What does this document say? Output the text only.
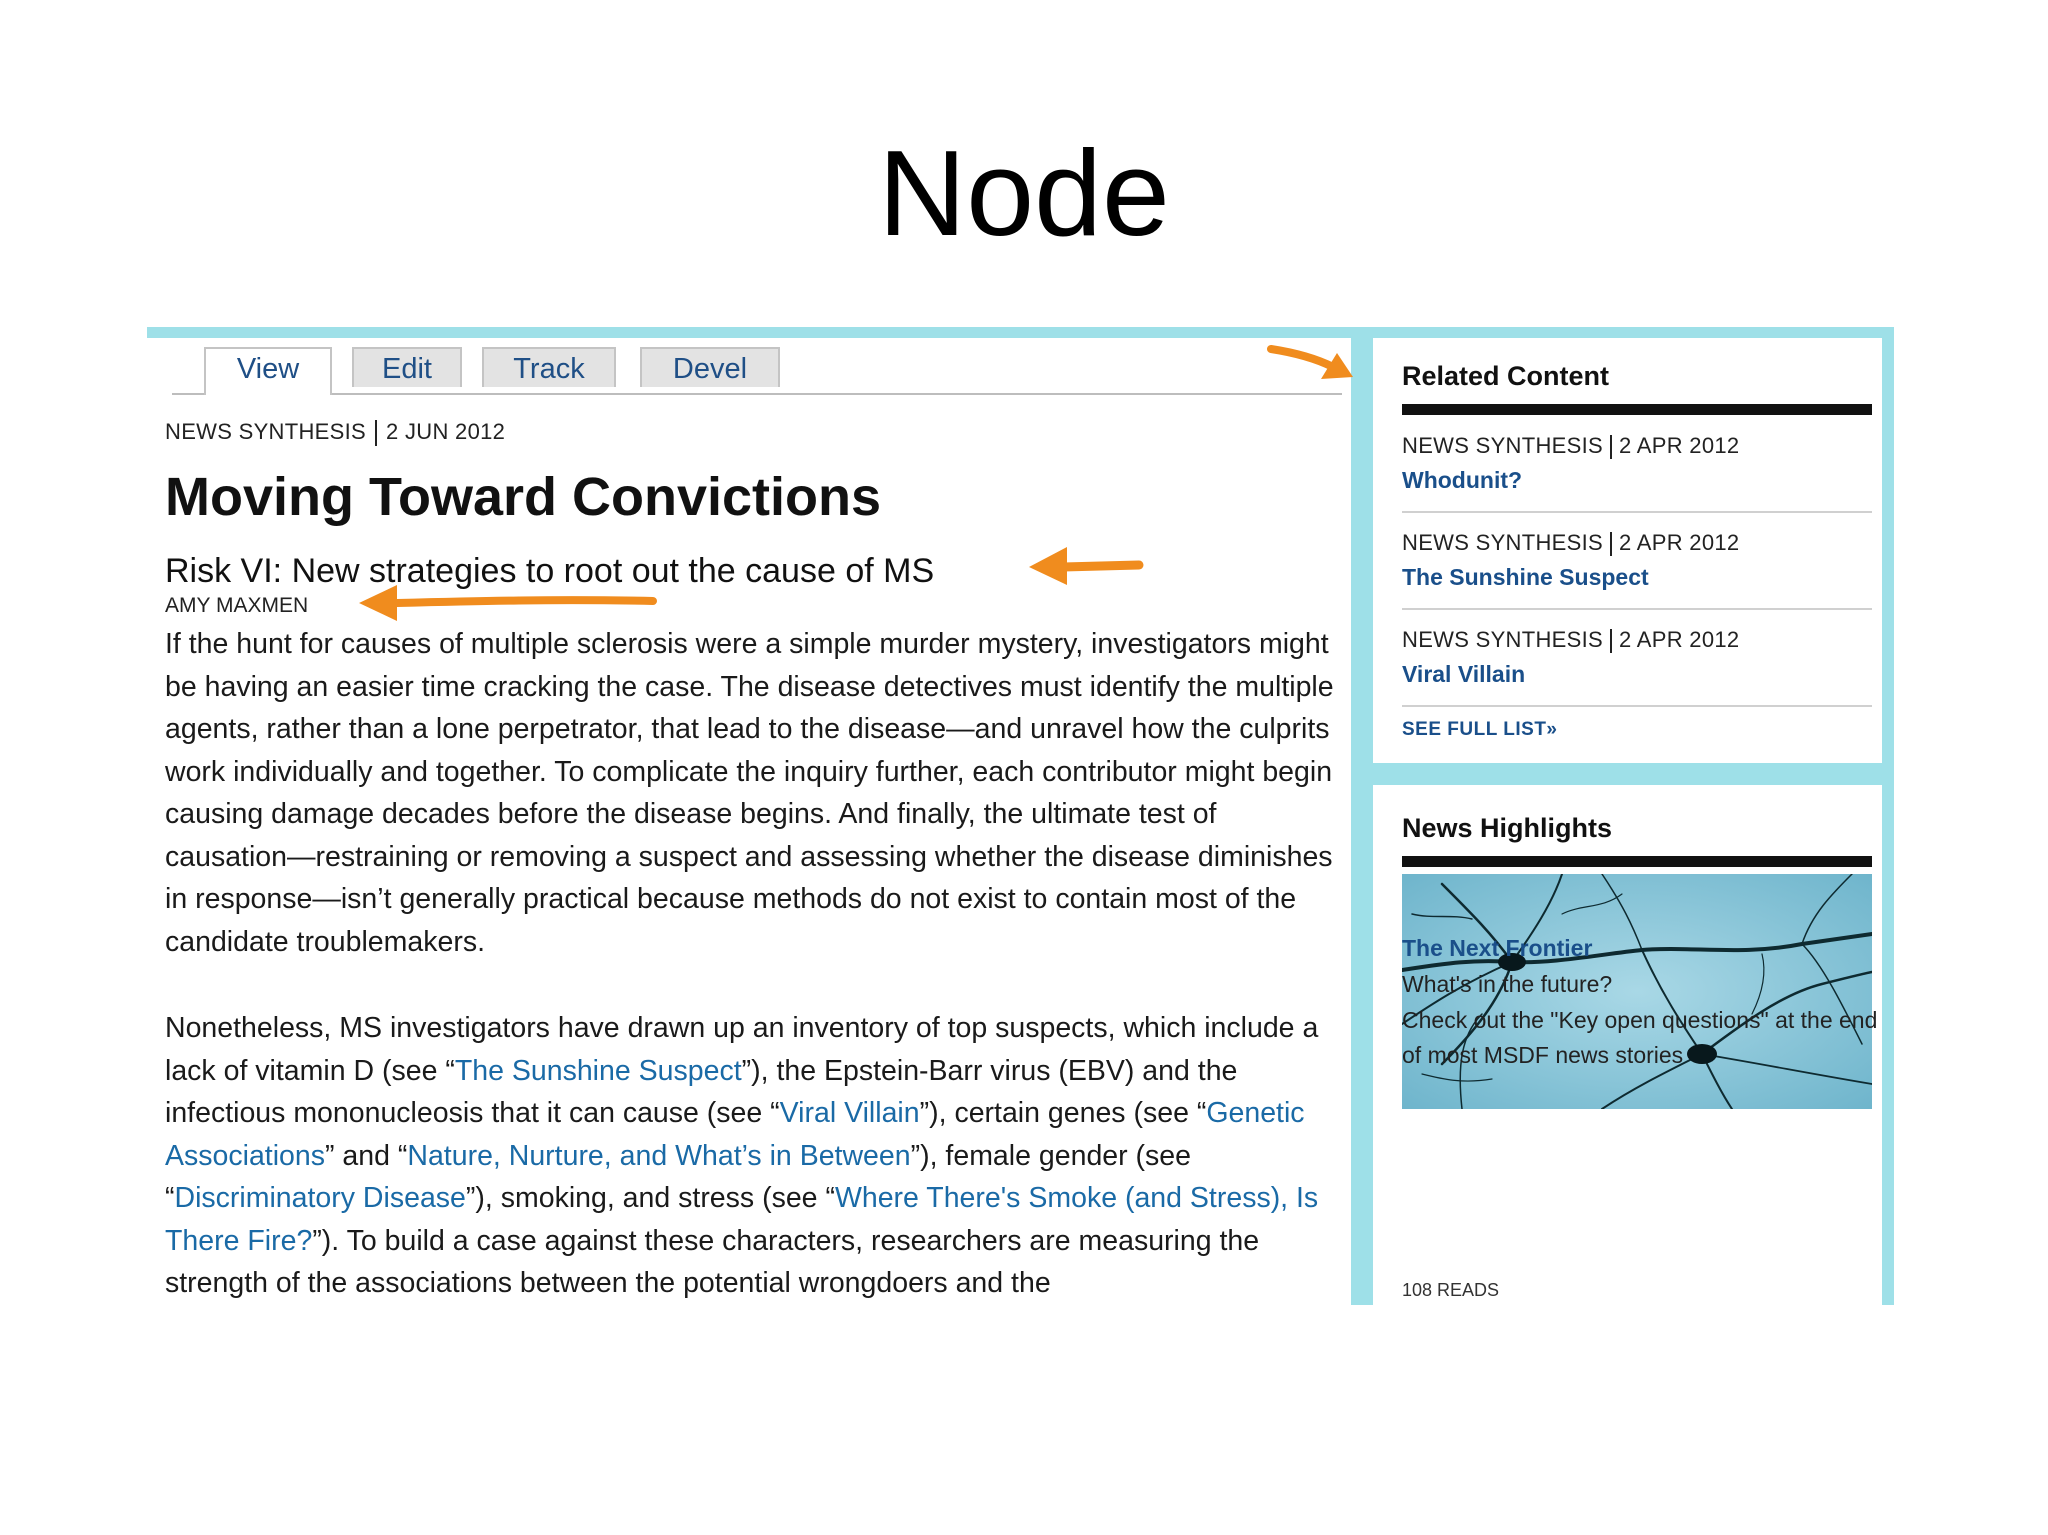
Node
View	Edit	Track	Devel
NEWS SYNTHESIS 2 JUN 2012
Moving Toward Convictions
Risk VI: New strategies to root out the cause of MS
AMY MAXMEN
If the hunt for causes of multiple sclerosis were a simple murder mystery, investigators might be having an easier time cracking the case. The disease detectives must identify the multiple agents, rather than a lone perpetrator, that lead to the disease—and unravel how the culprits work individually and together. To complicate the inquiry further, each contributor might begin causing damage decades before the disease begins. And finally, the ultimate test of causation—restraining or removing a suspect and assessing whether the disease diminishes in response—isn’t generally practical because methods do not exist to contain most of the candidate troublemakers.
Nonetheless, MS investigators have drawn up an inventory of top suspects, which include a lack of vitamin D (see “The Sunshine Suspect”), the Epstein-Barr virus (EBV) and the infectious mononucleosis that it can cause (see “Viral Villain”), certain genes (see “Genetic Associations” and “Nature, Nurture, and What’s in Between”), female gender (see “Discriminatory Disease”), smoking, and stress (see “Where There's Smoke (and Stress), Is There Fire?”). To build a case against these characters, researchers are measuring the strength of the associations between the potential wrongdoers and the
Related Content
NEWS SYNTHESIS 2 APR 2012
Whodunit?
NEWS SYNTHESIS 2 APR 2012
The Sunshine Suspect
NEWS SYNTHESIS 2 APR 2012
Viral Villain
SEE FULL LIST»
News Highlights
The Next Frontier
What's in the future?
Check out the "Key open questions" at the end of most MSDF news stories
108 READS
